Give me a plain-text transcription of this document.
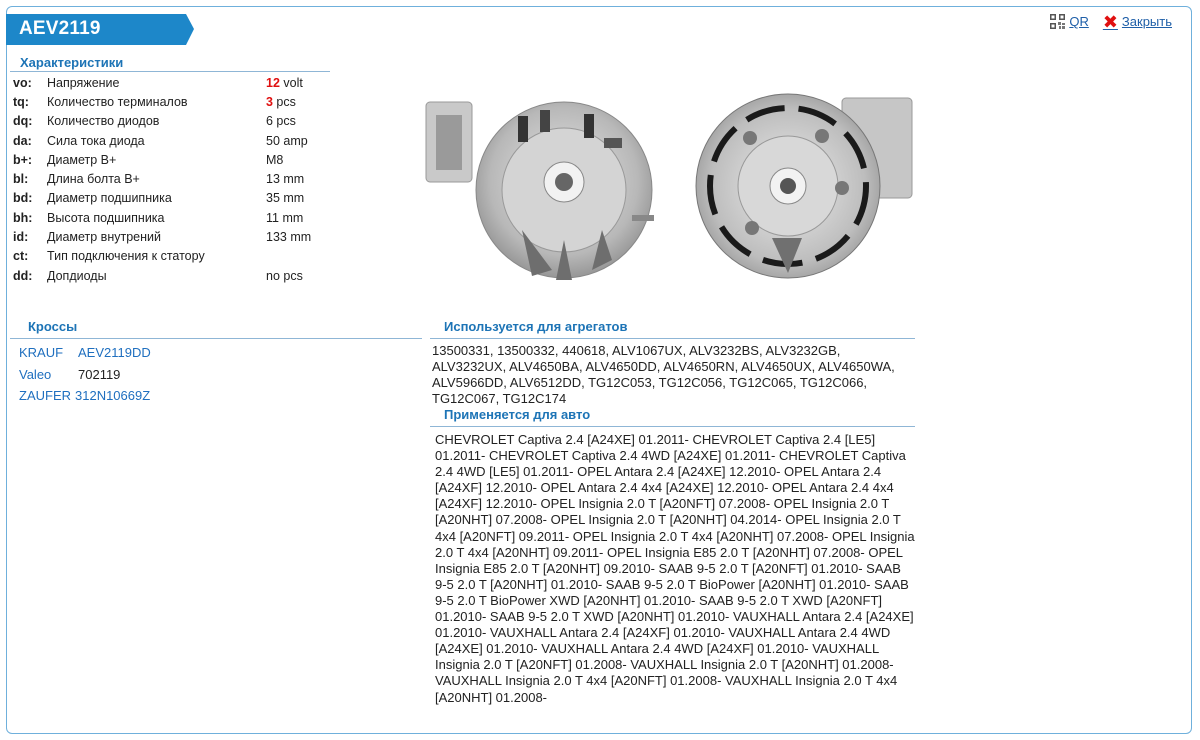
AEV2119	QR ✖ Закрыть
Характеристики
vo:	Напряжение	12 volt
tq:	Количество терминалов	3 pcs
dq:	Количество диодов	6 pcs
da:	Сила тока диода	50 amp
b+:	Диаметр B+	M8
bl:	Длина болта B+	13 mm
bd:	Диаметр подшипника	35 mm
bh:	Высота подшипника	11 mm
id:	Диаметр внутрений	133 mm
ct:	Тип подключения к статору	
dd:	Допдиоды	no pcs
Кроссы
KRAUF AEV2119DD
Valeo 702119
ZAUFER 312N10669Z
Используется для агрегатов
13500331, 13500332, 440618, ALV1067UX, ALV3232BS, ALV3232GB, ALV3232UX, ALV4650BA, ALV4650DD, ALV4650RN, ALV4650UX, ALV4650WA, ALV5966DD, ALV6512DD, TG12C053, TG12C056, TG12C065, TG12C066, TG12C067, TG12C174
Применяется для авто
CHEVROLET Captiva 2.4 [A24XE] 01.2011- CHEVROLET Captiva 2.4 [LE5] 01.2011- CHEVROLET Captiva 2.4 4WD [A24XE] 01.2011- CHEVROLET Captiva 2.4 4WD [LE5] 01.2011- OPEL Antara 2.4 [A24XE] 12.2010- OPEL Antara 2.4 [A24XF] 12.2010- OPEL Antara 2.4 4x4 [A24XE] 12.2010- OPEL Antara 2.4 4x4 [A24XF] 12.2010- OPEL Insignia 2.0 T [A20NFT] 07.2008- OPEL Insignia 2.0 T [A20NHT] 07.2008- OPEL Insignia 2.0 T [A20NHT] 04.2014- OPEL Insignia 2.0 T 4x4 [A20NFT] 09.2011- OPEL Insignia 2.0 T 4x4 [A20NHT] 07.2008- OPEL Insignia 2.0 T 4x4 [A20NHT] 09.2011- OPEL Insignia E85 2.0 T [A20NHT] 07.2008- OPEL Insignia E85 2.0 T [A20NHT] 09.2010- SAAB 9-5 2.0 T [A20NFT] 01.2010- SAAB 9-5 2.0 T [A20NHT] 01.2010- SAAB 9-5 2.0 T BioPower [A20NHT] 01.2010- SAAB 9-5 2.0 T BioPower XWD [A20NHT] 01.2010- SAAB 9-5 2.0 T XWD [A20NFT] 01.2010- SAAB 9-5 2.0 T XWD [A20NHT] 01.2010- VAUXHALL Antara 2.4 [A24XE] 01.2010- VAUXHALL Antara 2.4 [A24XF] 01.2010- VAUXHALL Antara 2.4 4WD [A24XE] 01.2010- VAUXHALL Antara 2.4 4WD [A24XF] 01.2010- VAUXHALL Insignia 2.0 T [A20NFT] 01.2008- VAUXHALL Insignia 2.0 T [A20NHT] 01.2008- VAUXHALL Insignia 2.0 T 4x4 [A20NFT] 01.2008- VAUXHALL Insignia 2.0 T 4x4 [A20NHT] 01.2008-
